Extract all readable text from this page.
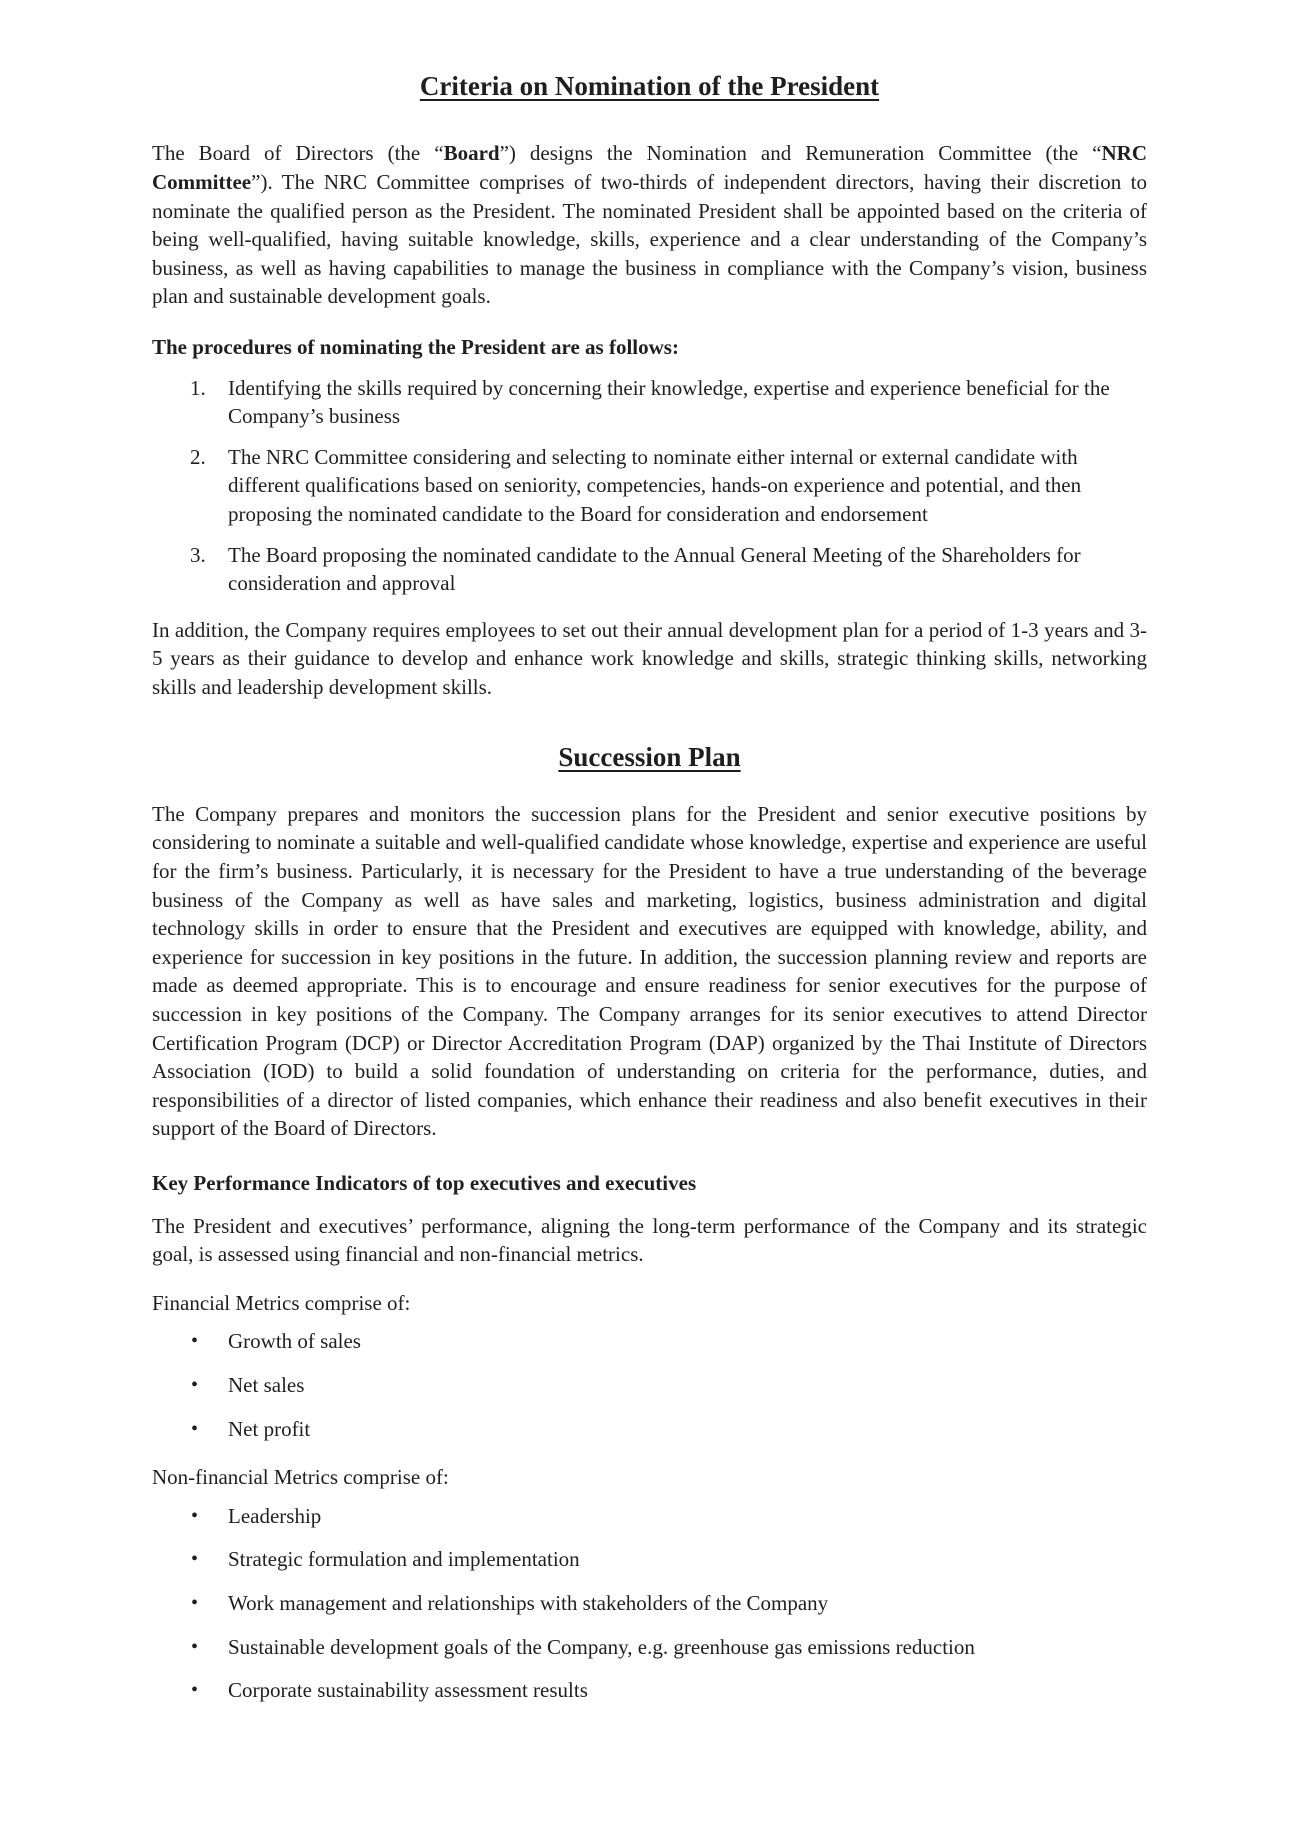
Criteria on Nomination of the President

The Board of Directors (the “Board”) designs the Nomination and Remuneration Committee (the “NRC Committee”). The NRC Committee comprises of two-thirds of independent directors, having their discretion to nominate the qualified person as the President. The nominated President shall be appointed based on the criteria of being well-qualified, having suitable knowledge, skills, experience and a clear understanding of the Company’s business, as well as having capabilities to manage the business in compliance with the Company’s vision, business plan and sustainable development goals.

The procedures of nominating the President are as follows:

1. Identifying the skills required by concerning their knowledge, expertise and experience beneficial for the Company’s business
2. The NRC Committee considering and selecting to nominate either internal or external candidate with different qualifications based on seniority, competencies, hands-on experience and potential, and then proposing the nominated candidate to the Board for consideration and endorsement
3. The Board proposing the nominated candidate to the Annual General Meeting of the Shareholders for consideration and approval

In addition, the Company requires employees to set out their annual development plan for a period of 1-3 years and 3-5 years as their guidance to develop and enhance work knowledge and skills, strategic thinking skills, networking skills and leadership development skills.

Succession Plan

The Company prepares and monitors the succession plans for the President and senior executive positions by considering to nominate a suitable and well-qualified candidate whose knowledge, expertise and experience are useful for the firm’s business. Particularly, it is necessary for the President to have a true understanding of the beverage business of the Company as well as have sales and marketing, logistics, business administration and digital technology skills in order to ensure that the President and executives are equipped with knowledge, ability, and experience for succession in key positions in the future. In addition, the succession planning review and reports are made as deemed appropriate. This is to encourage and ensure readiness for senior executives for the purpose of succession in key positions of the Company. The Company arranges for its senior executives to attend Director Certification Program (DCP) or Director Accreditation Program (DAP) organized by the Thai Institute of Directors Association (IOD) to build a solid foundation of understanding on criteria for the performance, duties, and responsibilities of a director of listed companies, which enhance their readiness and also benefit executives in their support of the Board of Directors.

Key Performance Indicators of top executives and executives

The President and executives’ performance, aligning the long-term performance of the Company and its strategic goal, is assessed using financial and non-financial metrics.

Financial Metrics comprise of:

• Growth of sales
• Net sales
• Net profit

Non-financial Metrics comprise of:

• Leadership
• Strategic formulation and implementation
• Work management and relationships with stakeholders of the Company
• Sustainable development goals of the Company, e.g. greenhouse gas emissions reduction
• Corporate sustainability assessment results
